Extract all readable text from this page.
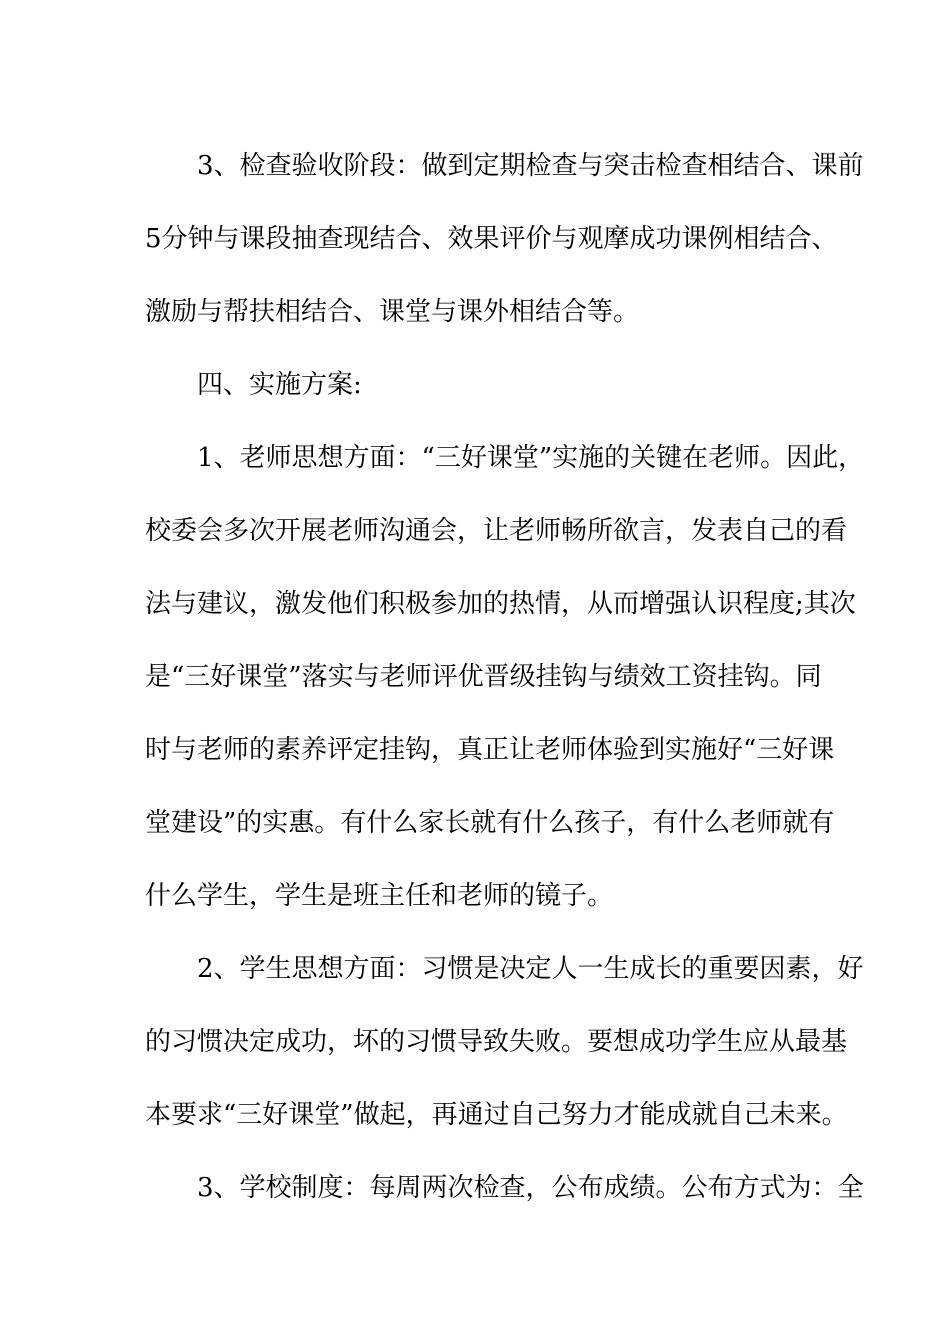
3、检查验收阶段：做到定期检查与突击检查相结合、课前
5分钟与课段抽查现结合、效果评价与观摩成功课例相结合、
激励与帮扶相结合、课堂与课外相结合等。
四、实施方案:
1、老师思想方面：“三好课堂”实施的关键在老师。因此，
校委会多次开展老师沟通会，让老师畅所欲言，发表自己的看
法与建议，激发他们积极参加的热情，从而增强认识程度;其次
是“三好课堂”落实与老师评优晋级挂钩与绩效工资挂钩。同
时与老师的素养评定挂钩，真正让老师体验到实施好“三好课
堂建设”的实惠。有什么家长就有什么孩子，有什么老师就有
什么学生，学生是班主任和老师的镜子。
2、学生思想方面：习惯是决定人一生成长的重要因素，好
的习惯决定成功，坏的习惯导致失败。要想成功学生应从最基
本要求“三好课堂”做起，再通过自己努力才能成就自己未来。
3、学校制度：每周两次检查，公布成绩。公布方式为：全
